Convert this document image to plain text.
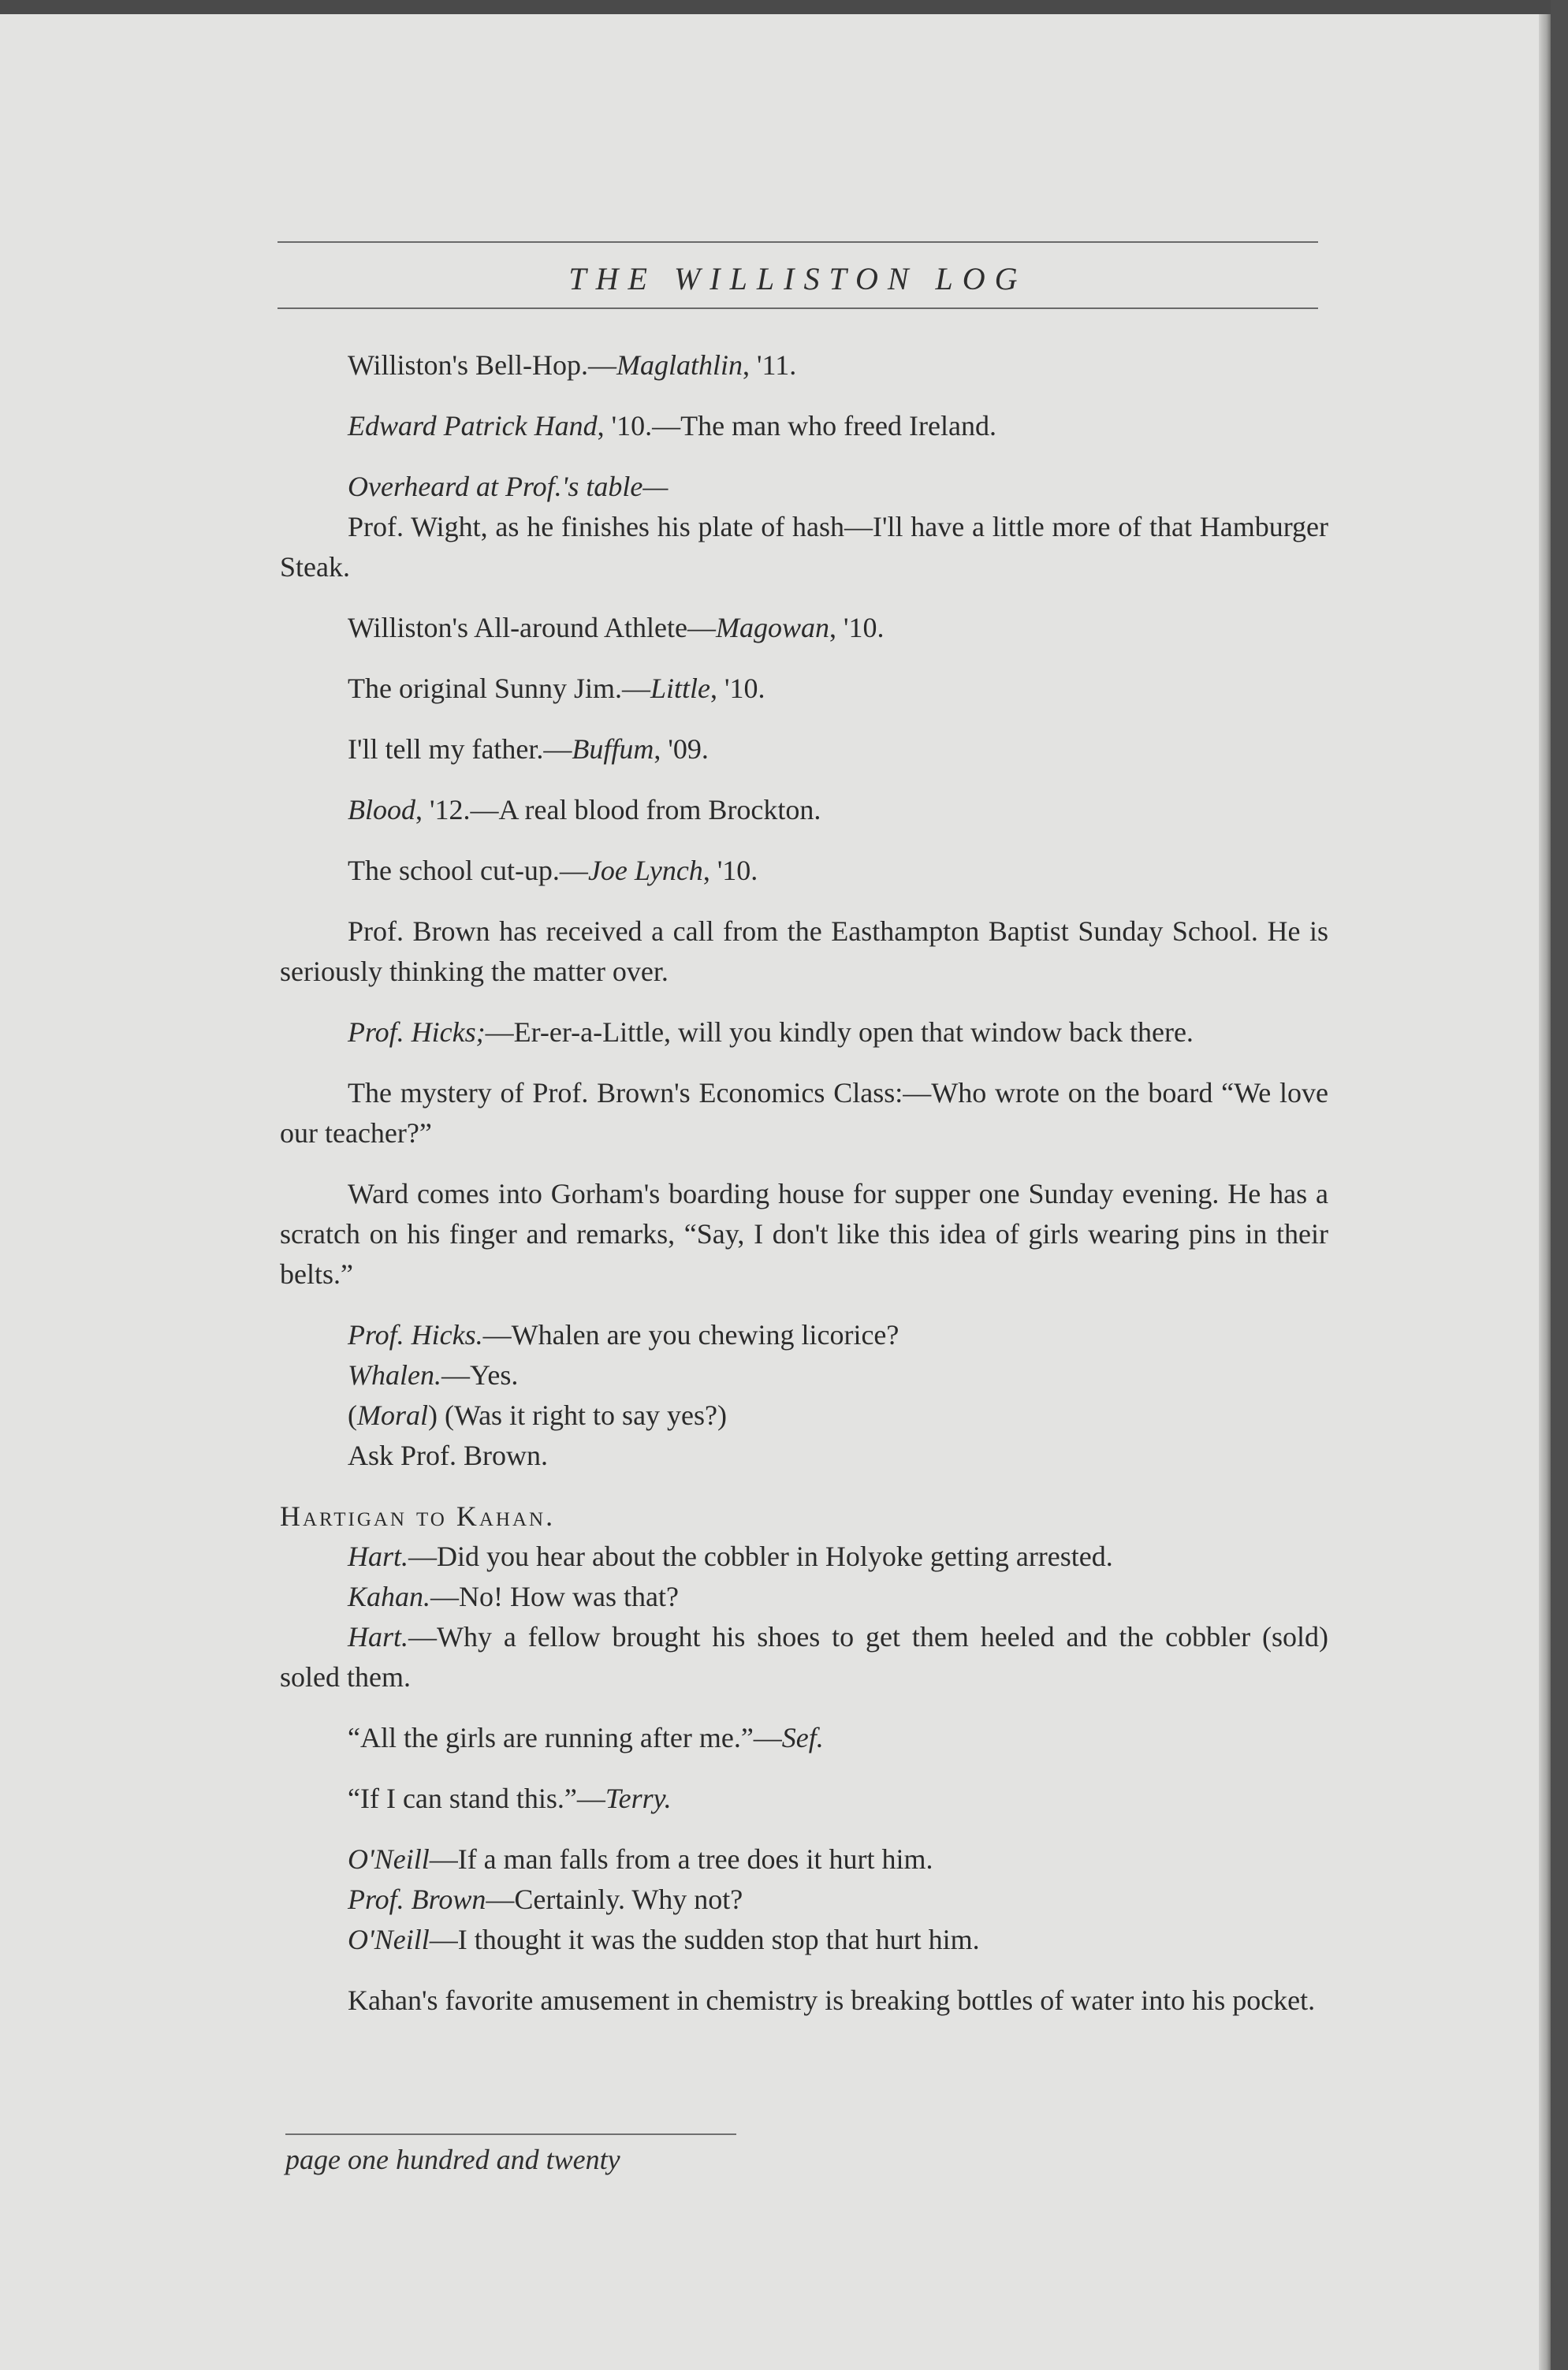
THE WILLISTON LOG

Williston's Bell-Hop.—Maglathlin, '11.

Edward Patrick Hand, '10.—The man who freed Ireland.

Overheard at Prof.'s table—

Prof. Wight, as he finishes his plate of hash—I'll have a little more of that Hamburger Steak.

Williston's All-around Athlete—Magowan, '10.

The original Sunny Jim.—Little, '10.

I'll tell my father.—Buffum, '09.

Blood, '12.—A real blood from Brockton.

The school cut-up.—Joe Lynch, '10.

Prof. Brown has received a call from the Easthampton Baptist Sunday School. He is seriously thinking the matter over.

Prof. Hicks;—Er-er-a-Little, will you kindly open that window back there.

The mystery of Prof. Brown's Economics Class:—Who wrote on the board “We love our teacher?”

Ward comes into Gorham's boarding house for supper one Sunday evening. He has a scratch on his finger and remarks, “Say, I don't like this idea of girls wearing pins in their belts.”

Prof. Hicks.—Whalen are you chewing licorice?

Whalen.—Yes.

(Moral) (Was it right to say yes?)

Ask Prof. Brown.

Hartigan to Kahan.

Hart.—Did you hear about the cobbler in Holyoke getting arrested.

Kahan.—No! How was that?

Hart.—Why a fellow brought his shoes to get them heeled and the cobbler (sold) soled them.

“All the girls are running after me.”—Sef.

“If I can stand this.”—Terry.

O'Neill—If a man falls from a tree does it hurt him.

Prof. Brown—Certainly. Why not?

O'Neill—I thought it was the sudden stop that hurt him.

Kahan's favorite amusement in chemistry is breaking bottles of water into his pocket.

page one hundred and twenty
